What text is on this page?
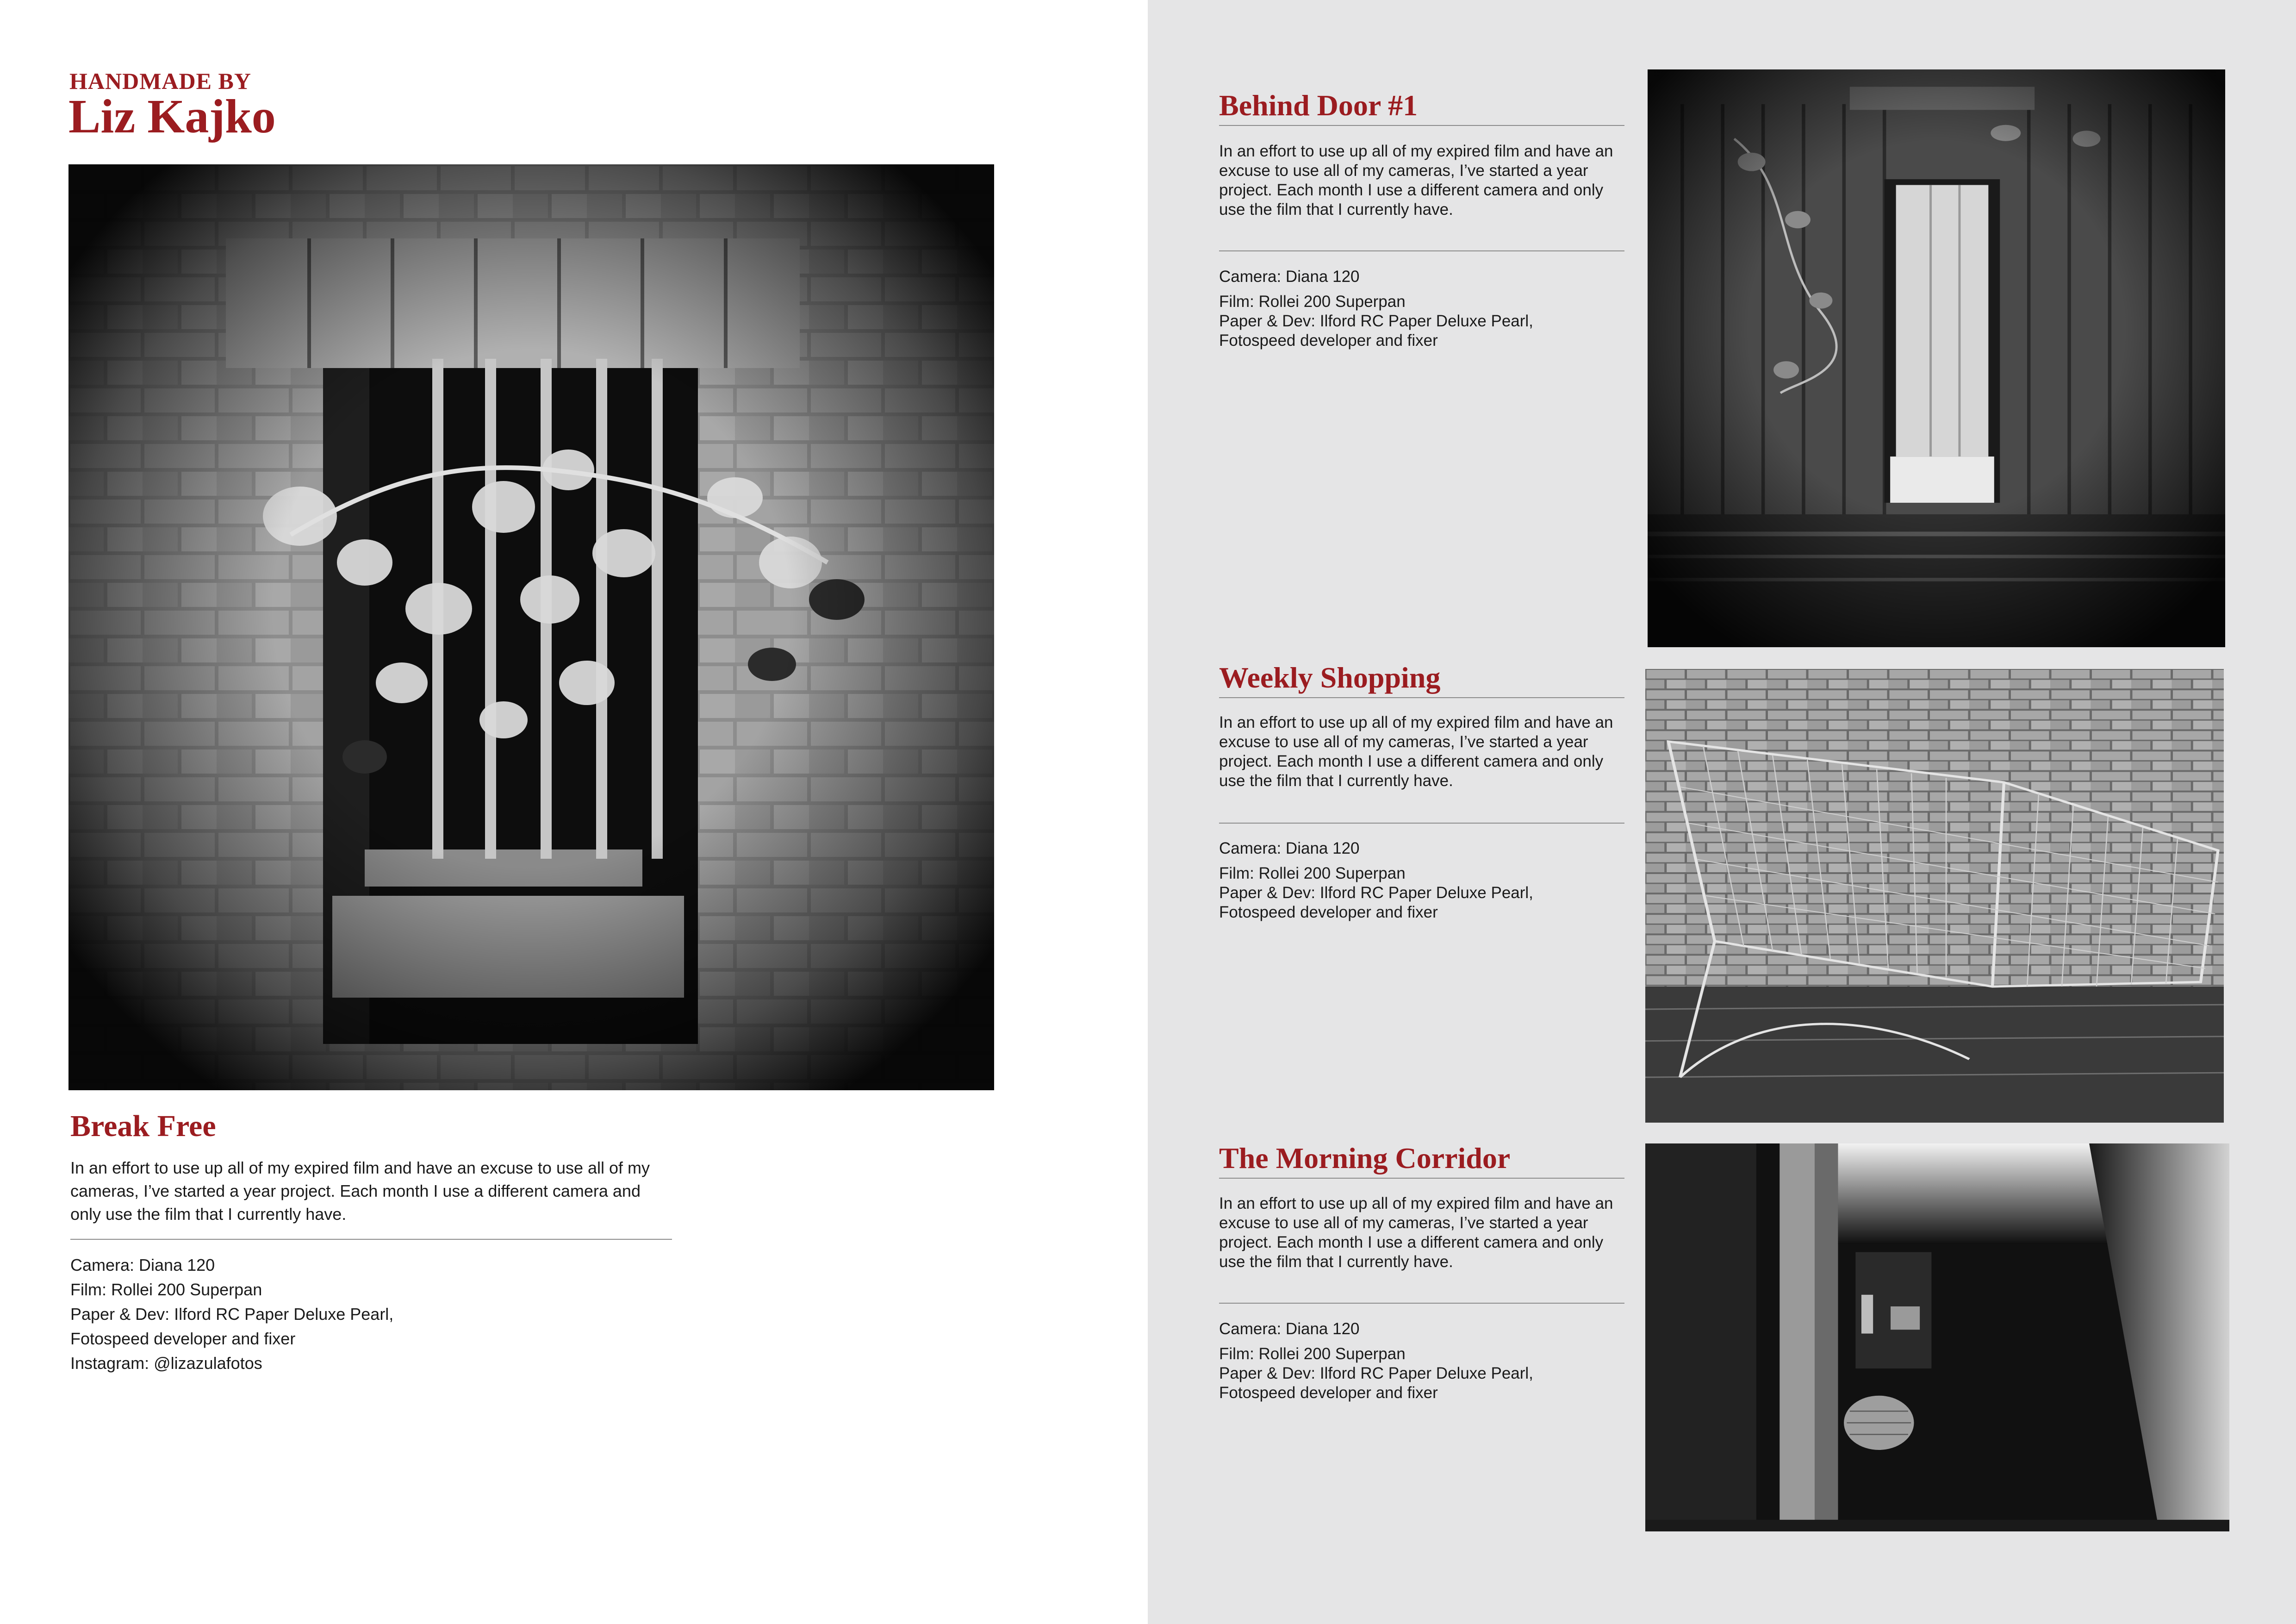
HANDMADE BY
Liz Kajko
Break Free

In an effort to use up all of my expired film and have an excuse to use all of my cameras, I’ve started a year project. Each month I use a different camera and only use the film that I currently have.

Camera: Diana 120
Film: Rollei 200 Superpan
Paper & Dev: Ilford RC Paper Deluxe Pearl,
Fotospeed developer and fixer
Instagram: @lizazulafotos
Behind Door #1

In an effort to use up all of my expired film and have an excuse to use all of my cameras, I’ve started a year project. Each month I use a different camera and only use the film that I currently have.

Camera: Diana 120
Film: Rollei 200 Superpan
Paper & Dev: Ilford RC Paper Deluxe Pearl,
Fotospeed developer and fixer
Weekly Shopping

In an effort to use up all of my expired film and have an excuse to use all of my cameras, I’ve started a year project. Each month I use a different camera and only use the film that I currently have.

Camera: Diana 120
Film: Rollei 200 Superpan
Paper & Dev: Ilford RC Paper Deluxe Pearl,
Fotospeed developer and fixer
The Morning Corridor

In an effort to use up all of my expired film and have an excuse to use all of my cameras, I’ve started a year project. Each month I use a different camera and only use the film that I currently have.

Camera: Diana 120
Film: Rollei 200 Superpan
Paper & Dev: Ilford RC Paper Deluxe Pearl,
Fotospeed developer and fixer
